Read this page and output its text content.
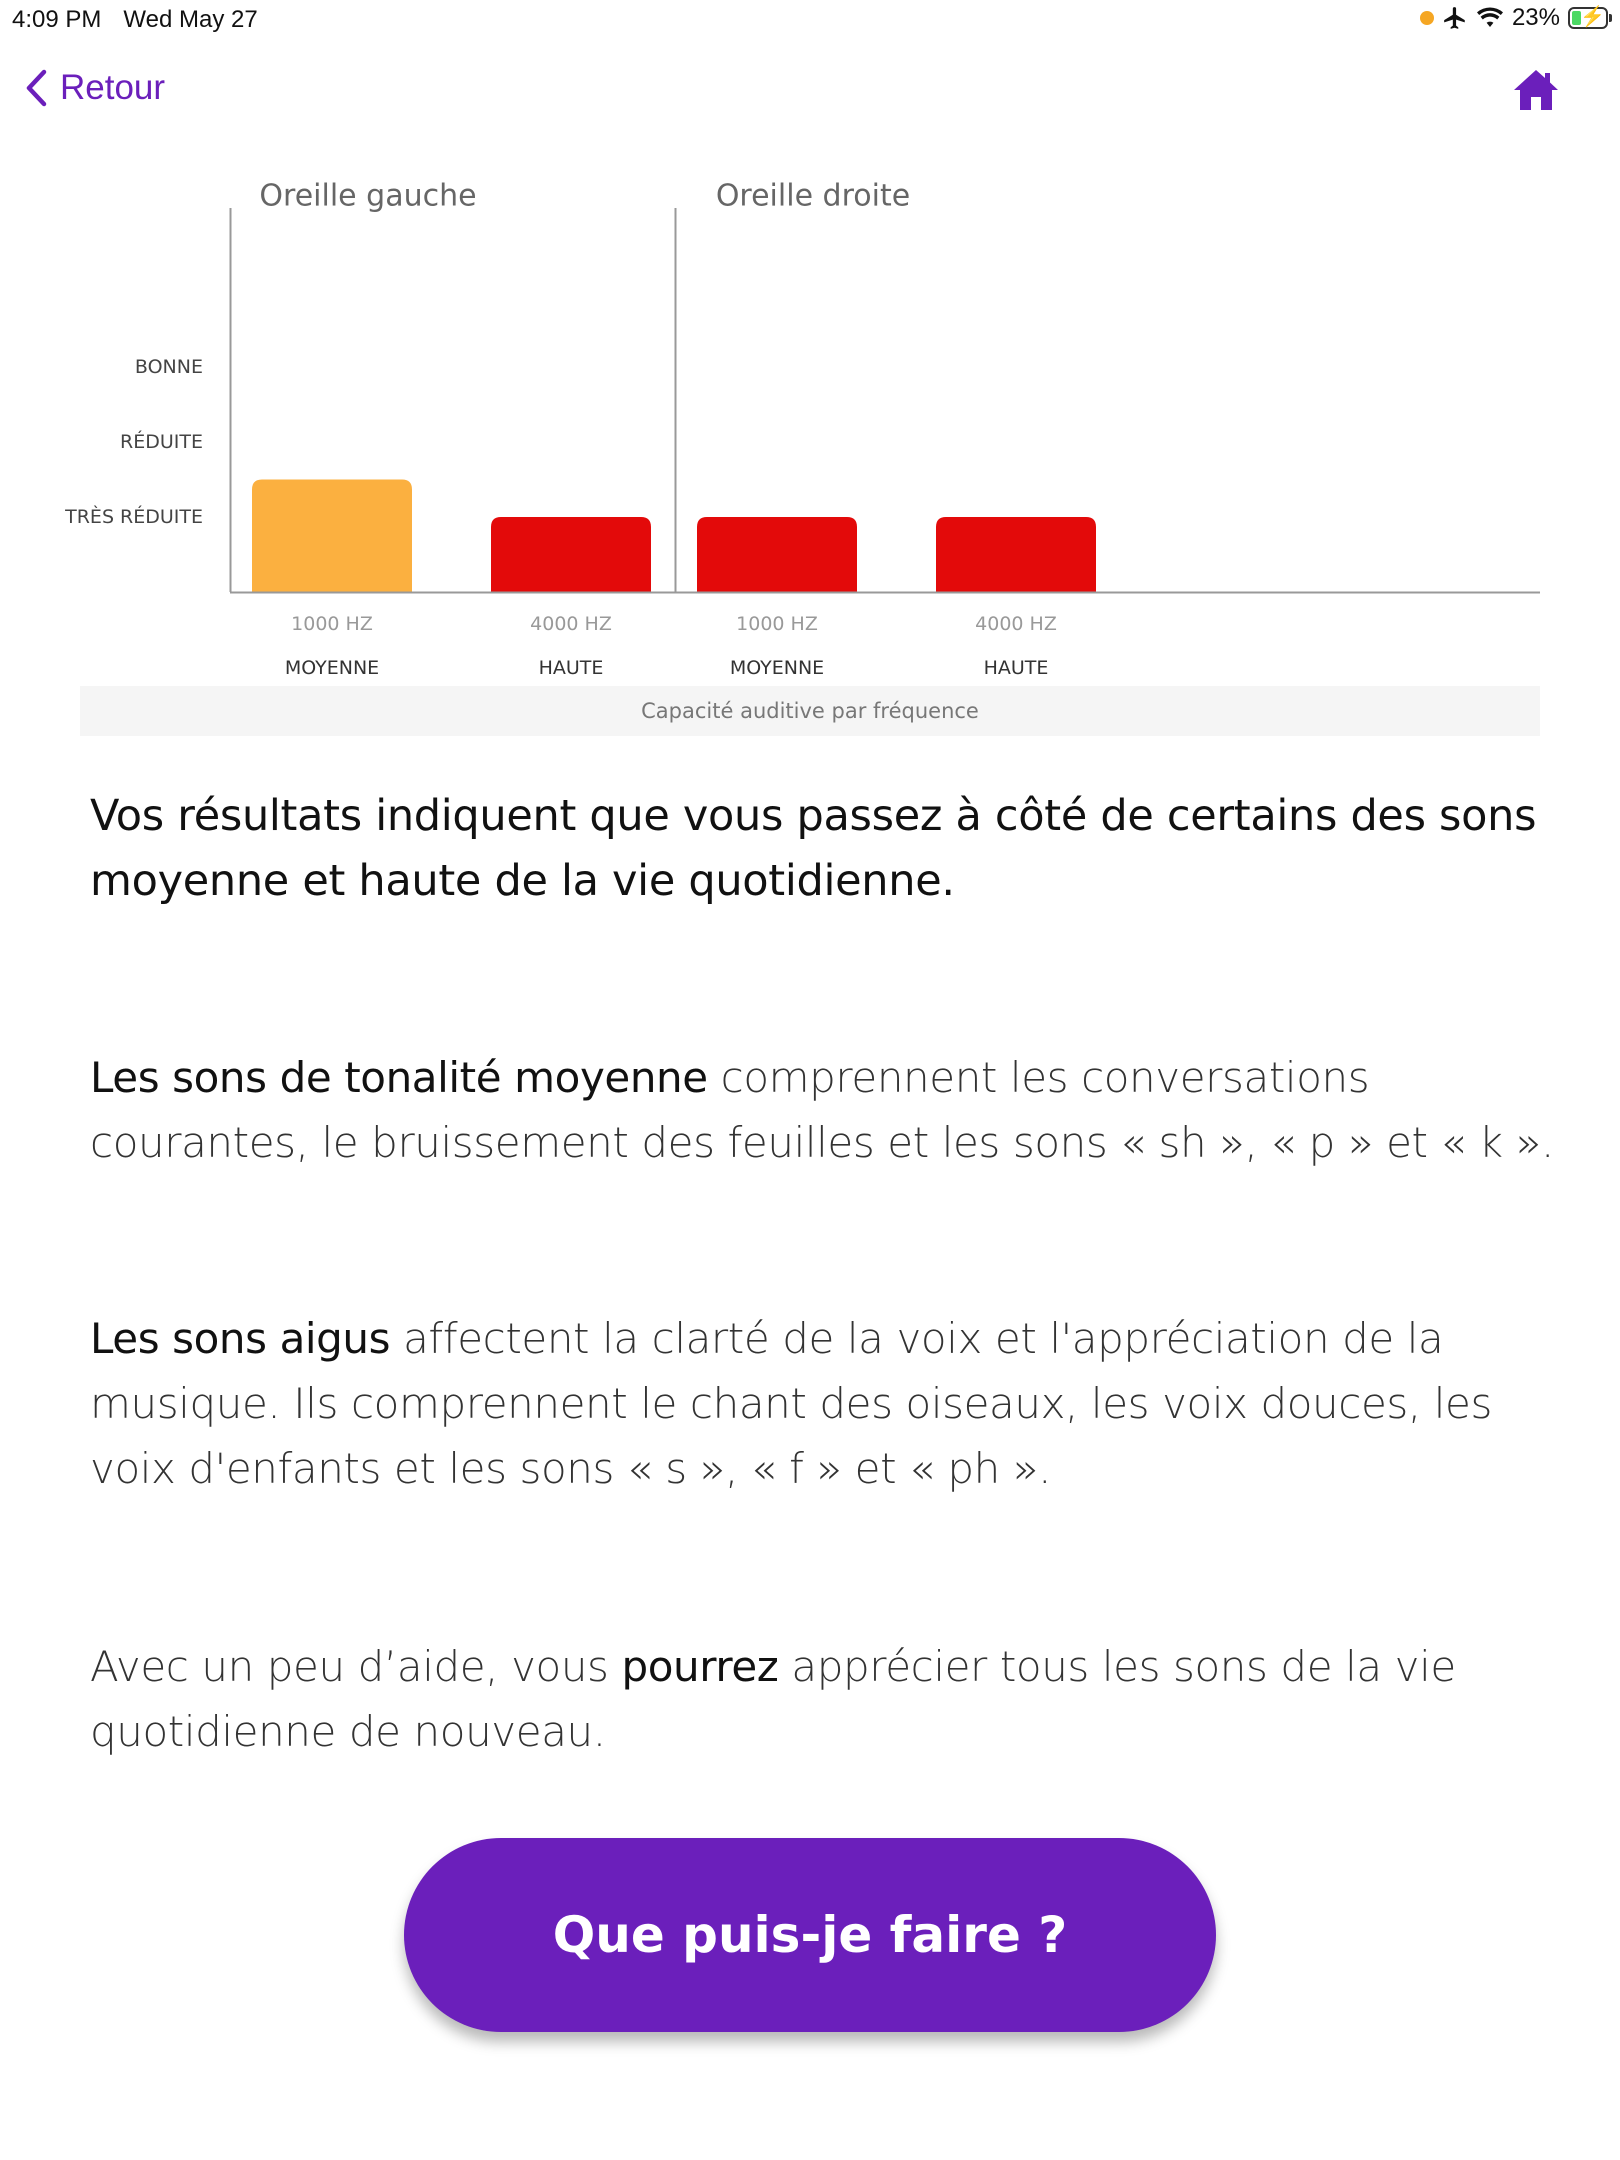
4:09 PM Wed May 27	23% ⚡
Retour
TRÈS RÉDUITE
RÉDUITE
BONNE
Oreille gauche
1000 HZ
MOYENNE
4000 HZ
HAUTE
Oreille droite
1000 HZ
MOYENNE
4000 HZ
HAUTE
Capacité auditive par fréquence

Vos résultats indiquent que vous passez à côté de certains des sons moyenne et haute de la vie quotidienne.

Les sons de tonalité moyenne comprennent les conversations courantes, le bruissement des feuilles et les sons « sh », « p » et « k ».

Les sons aigus affectent la clarté de la voix et l'appréciation de la musique. Ils comprennent le chant des oiseaux, les voix douces, les voix d'enfants et les sons « s », « f » et « ph ».

Avec un peu d’aide, vous pourrez apprécier tous les sons de la vie quotidienne de nouveau.

Que puis-je faire ?
